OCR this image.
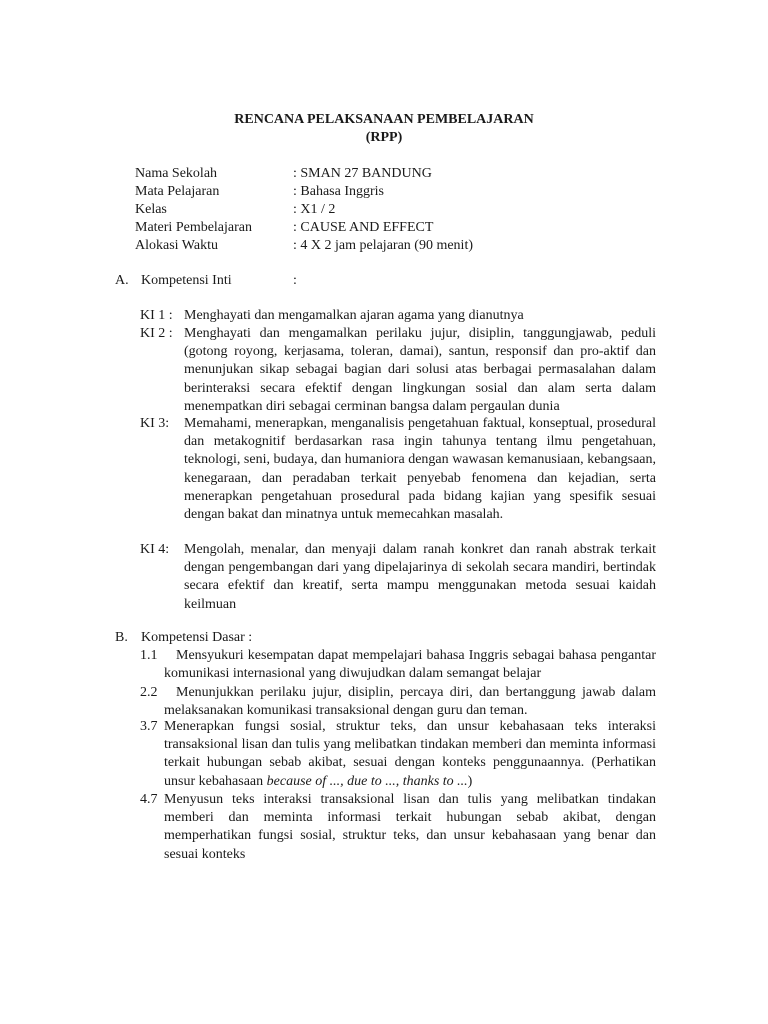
RENCANA PELAKSANAAN PEMBELAJARAN
(RPP)
Nama Sekolah	: SMAN 27 BANDUNG
Mata Pelajaran	: Bahasa Inggris
Kelas	: X1 / 2
Materi Pembelajaran	: CAUSE AND EFFECT
Alokasi Waktu	: 4 X 2 jam pelajaran (90 menit)
A. Kompetensi Inti	:
KI 1 : Menghayati dan mengamalkan ajaran agama yang dianutnya
KI 2 : Menghayati dan mengamalkan perilaku jujur, disiplin, tanggungjawab, peduli (gotong royong, kerjasama, toleran, damai), santun, responsif dan pro-aktif dan menunjukan sikap sebagai bagian dari solusi atas berbagai permasalahan dalam berinteraksi secara efektif dengan lingkungan sosial dan alam serta dalam menempatkan diri sebagai cerminan bangsa dalam pergaulan dunia
KI 3: Memahami, menerapkan, menganalisis pengetahuan faktual, konseptual, prosedural dan metakognitif berdasarkan rasa ingin tahunya tentang ilmu pengetahuan, teknologi, seni, budaya, dan humaniora dengan wawasan kemanusiaan, kebangsaan, kenegaraan, dan peradaban terkait penyebab fenomena dan kejadian, serta menerapkan pengetahuan prosedural pada bidang kajian yang spesifik sesuai dengan bakat dan minatnya untuk memecahkan masalah.
KI 4: Mengolah, menalar, dan menyaji dalam ranah konkret dan ranah abstrak terkait dengan pengembangan dari yang dipelajarinya di sekolah secara mandiri, bertindak secara efektif dan kreatif, serta mampu menggunakan metoda sesuai kaidah keilmuan
B. Kompetensi Dasar :
1.1	Mensyukuri kesempatan dapat mempelajari bahasa Inggris sebagai bahasa pengantar komunikasi internasional yang diwujudkan dalam semangat belajar
2.2	Menunjukkan perilaku jujur, disiplin, percaya diri, dan bertanggung jawab dalam melaksanakan komunikasi transaksional dengan guru dan teman.
3.7 Menerapkan fungsi sosial, struktur teks, dan unsur kebahasaan teks interaksi transaksional lisan dan tulis yang melibatkan tindakan memberi dan meminta informasi terkait hubungan sebab akibat, sesuai dengan konteks penggunaannya. (Perhatikan unsur kebahasaan because of ..., due to ..., thanks to ...)
4.7 Menyusun teks interaksi transaksional lisan dan tulis yang melibatkan tindakan memberi dan meminta informasi terkait hubungan sebab akibat, dengan memperhatikan fungsi sosial, struktur teks, dan unsur kebahasaan yang benar dan sesuai konteks
